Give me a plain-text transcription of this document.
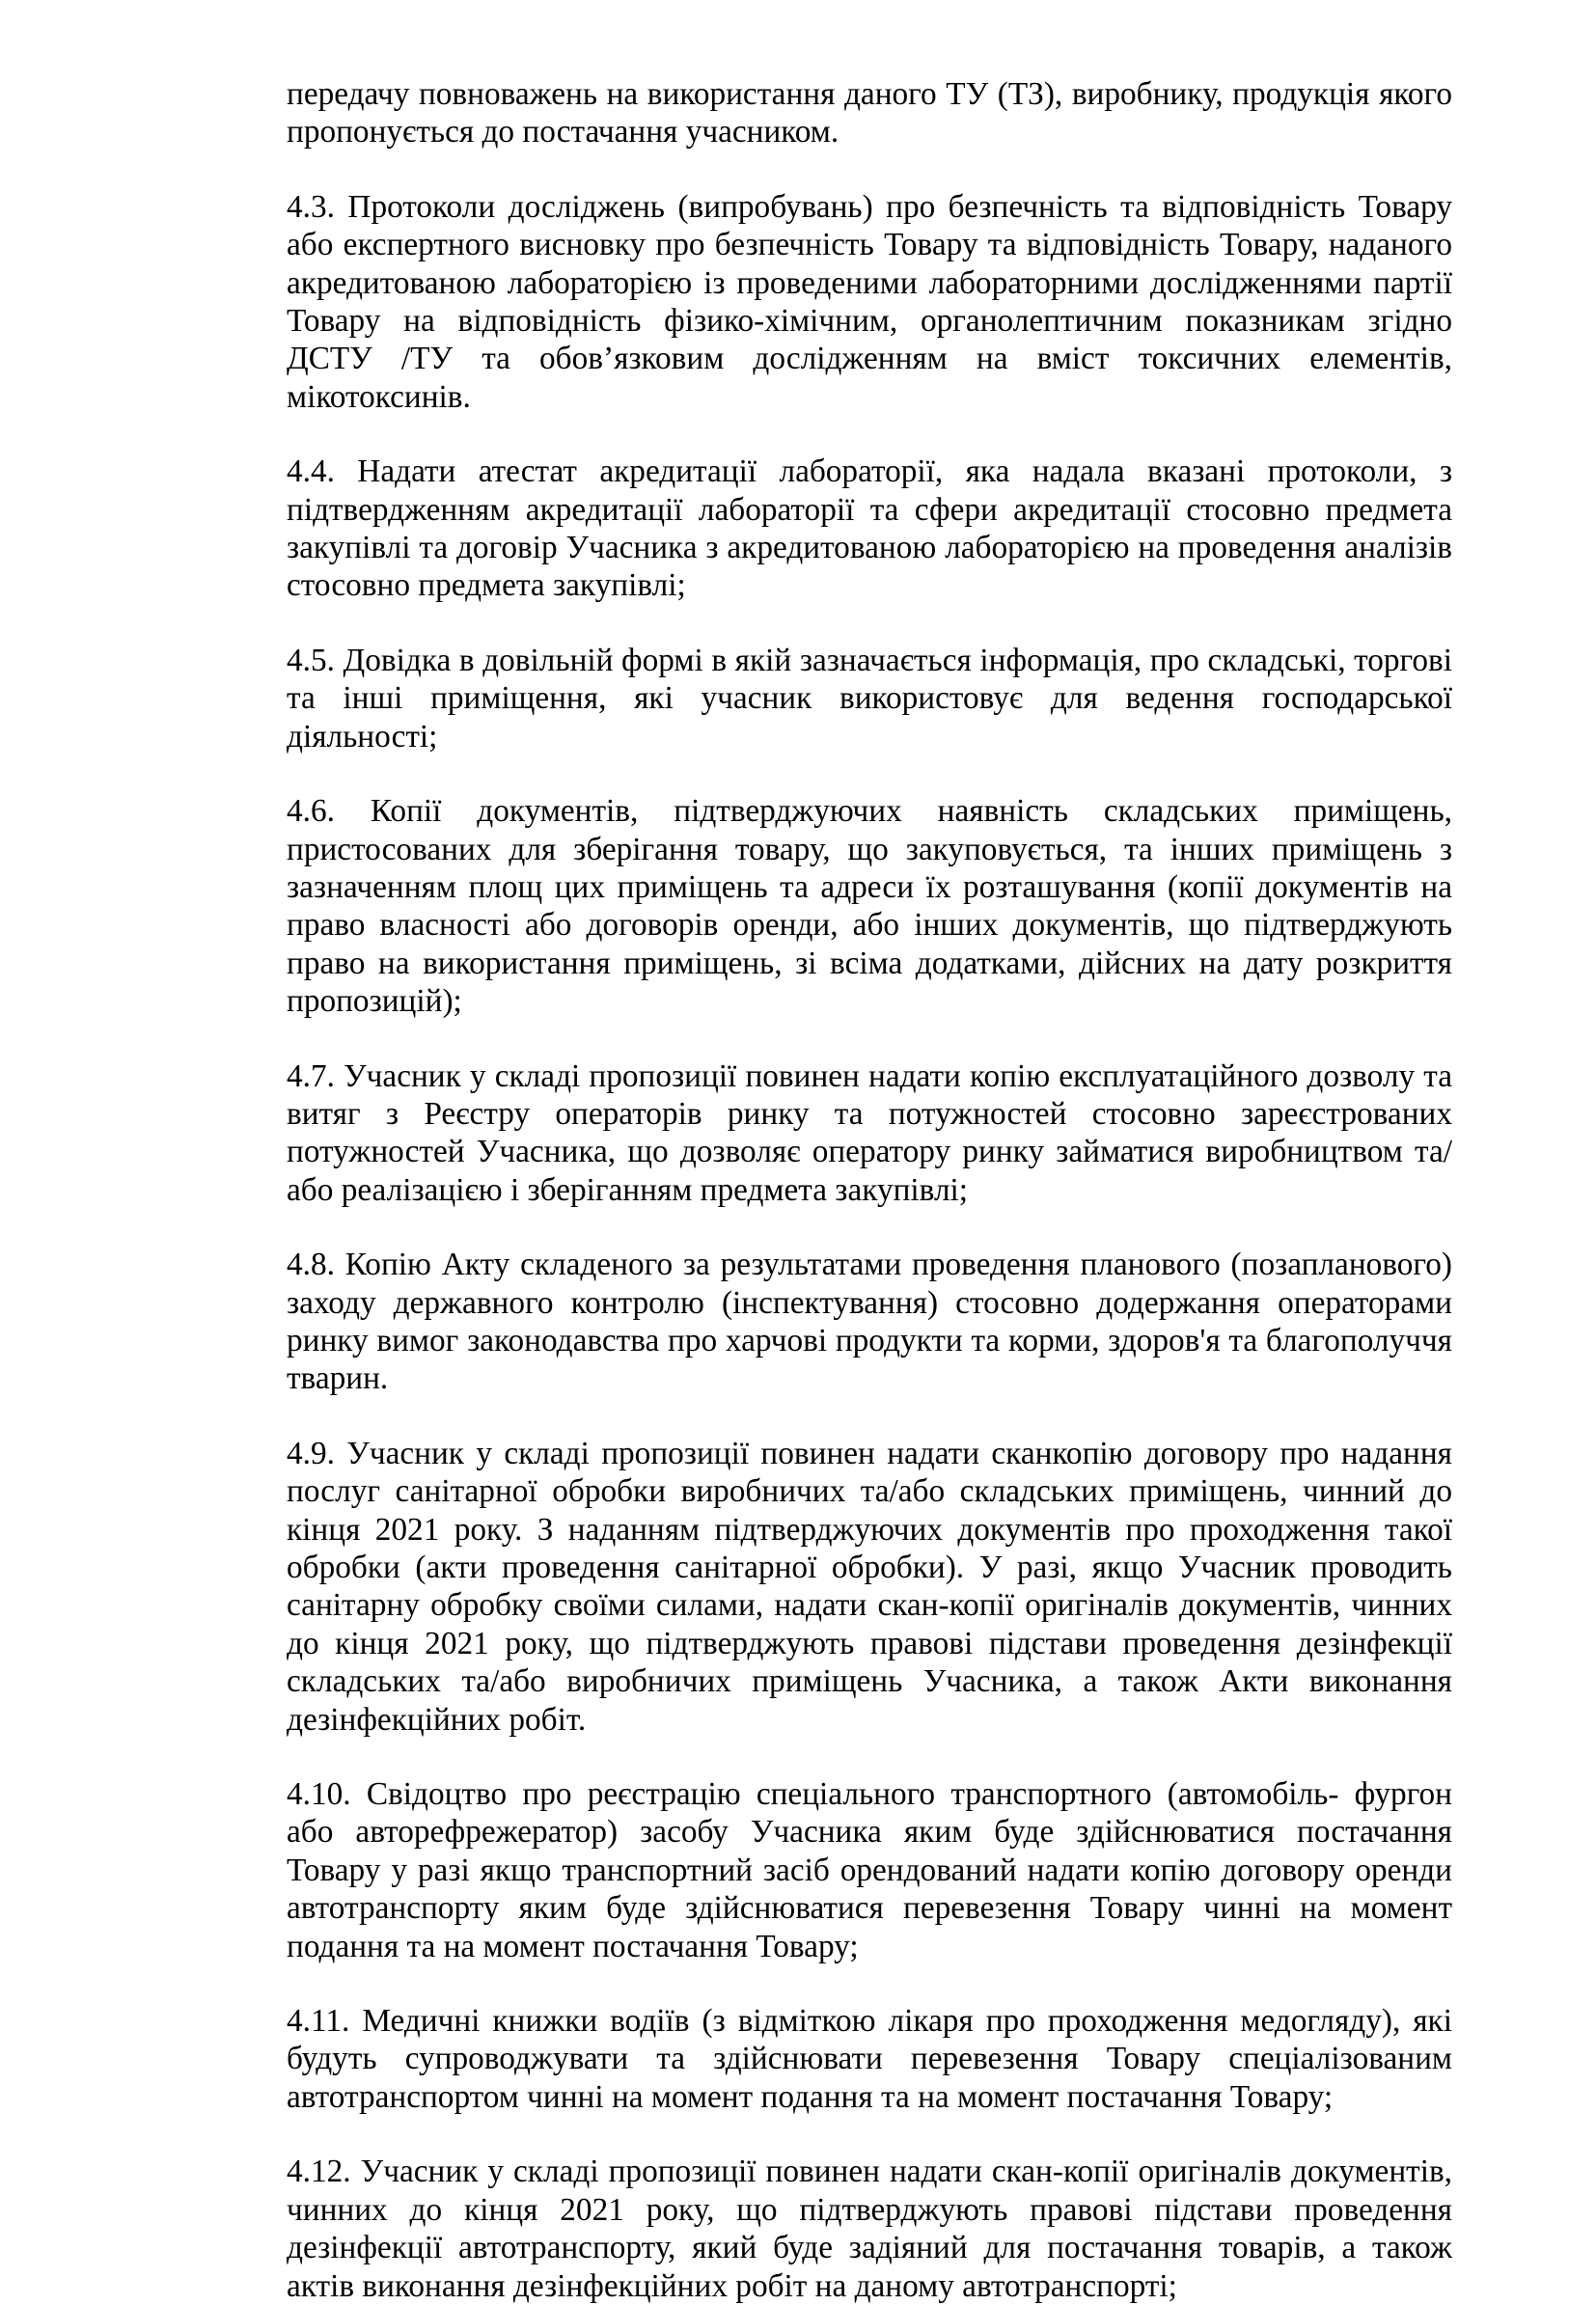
передачу повноважень на використання даного ТУ (ТЗ), виробнику, продукція якого пропонується до постачання учасником.

4.3. Протоколи досліджень (випробувань) про безпечність та відповідність Товару або експертного висновку про безпечність Товару та відповідність Товару, наданого акредитованою лабораторією із проведеними лабораторними дослідженнями партії Товару на відповідність фізико-хімічним, органолептичним показникам згідно ДСТУ /ТУ та обов’язковим дослідженням на вміст токсичних елементів, мікотоксинів.

4.4. Надати атестат акредитації лабораторії, яка надала вказані протоколи, з підтвердженням акредитації лабораторії та сфери акредитації стосовно предмета закупівлі та договір Учасника з акредитованою лабораторією на проведення аналізів стосовно предмета закупівлі;

4.5. Довідка в довільній формі в якій зазначається інформація, про складські, торгові та інші приміщення, які учасник використовує для ведення господарської діяльності;

4.6. Копії документів, підтверджуючих наявність складських приміщень, пристосованих для зберігання товару, що закуповується, та інших приміщень з зазначенням площ цих приміщень та адреси їх розташування (копії документів на право власності або договорів оренди, або інших документів, що підтверджують право на використання приміщень, зі всіма додатками, дійсних на дату розкриття пропозицій);

4.7. Учасник у складі пропозиції повинен надати копію експлуатаційного дозволу та витяг з Реєстру операторів ринку та потужностей стосовно зареєстрованих потужностей Учасника, що дозволяє оператору ринку займатися виробництвом та/або реалізацією і зберіганням предмета закупівлі;

4.8. Копію Акту складеного за результатами проведення планового (позапланового) заходу державного контролю (інспектування) стосовно додержання операторами ринку вимог законодавства про харчові продукти та корми, здоров'я та благополуччя тварин.

4.9. Учасник у складі пропозиції повинен надати сканкопію договору про надання послуг санітарної обробки виробничих та/або складських приміщень, чинний до кінця 2021 року. З наданням підтверджуючих документів про проходження такої обробки (акти проведення санітарної обробки). У разі, якщо Учасник проводить санітарну обробку своїми силами, надати скан-копії оригіналів документів, чинних до кінця 2021 року, що підтверджують правові підстави проведення дезінфекції складських та/або виробничих приміщень Учасника, а також Акти виконання дезінфекційних робіт.

4.10. Свідоцтво про реєстрацію спеціального транспортного (автомобіль- фургон або авторефрежератор) засобу Учасника яким буде здійснюватися постачання Товару у разі якщо транспортний засіб орендований надати копію договору оренди автотранспорту яким буде здійснюватися перевезення Товару чинні на момент подання та на момент постачання Товару;

4.11. Медичні книжки водіїв (з відміткою лікаря про проходження медогляду), які будуть супроводжувати та здійснювати перевезення Товару спеціалізованим автотранспортом чинні на момент подання та на момент постачання Товару;

4.12. Учасник у складі пропозиції повинен надати скан-копії оригіналів документів, чинних до кінця 2021 року, що підтверджують правові підстави проведення дезінфекції автотранспорту, який буде задіяний для постачання товарів, а також актів виконання дезінфекційних робіт на даному автотранспорті;
